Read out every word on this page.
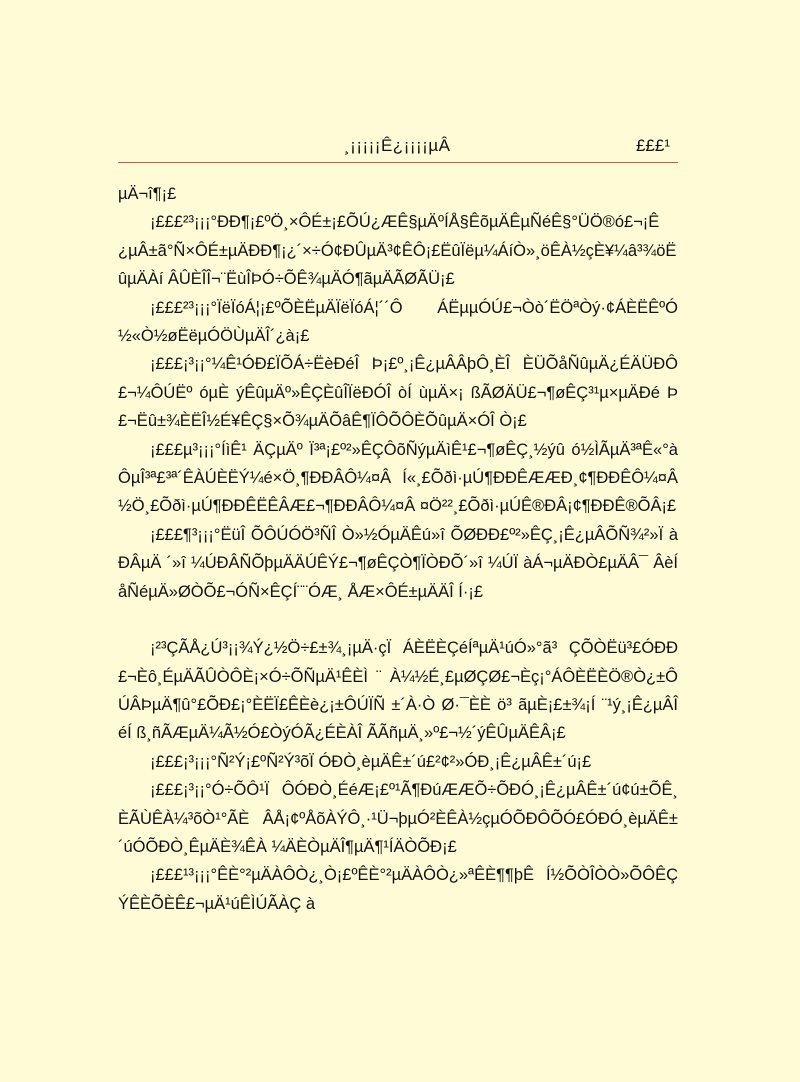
¸¡¡¡¡¡Ê¿¡¡¡¡µÂ	£££¹

µÄ¬î¶¡£

¡£££²³¡¡¡°ÐÐ¶¡£ºÖ¸×ÔÉ±¡£ÕÚ¿ÆÊ§µÄºÍÅ§ÊõµÄÊµÑéÊ§°ÜÖ®ó£¬¡Ê¿µÂ±ã°Ñ×ÔÉ±µÄÐÐ¶¡¿´×÷Ó¢ÐÛµÄ³¢ÊÔ¡£ËûÏëµ¼ÁíÒ»¸öÊÀ½çÈ¥¼â³¾öËûµÄÀí ÂÛÈÎÎ¬¨ËùÎÞÓ÷ÕÊ¾µÄÓ¶ãµÄÃØÃÜ¡£

¡£££²³¡¡¡°ÏëÏóÁ¦¡£ºÕÈËµÄÏëÏóÁ¦´´Ô ÁËµµÓÚ£¬Òò´ËÖªÒý·¢ÁÈËÊºÓ½«Ò½øËëµÓÖÙµÄÎ´¿à¡£

¡£££¡³¡¡°¼Ê¹ÓÐ£ÏÕÁ÷ËèÐéÎ Þ¡£º¸¡Ê¿µÂÂþÔ¸ÈÎ ÈÜÕåÑûµÄ¿ÉÄÜÐÔ£¬¼ÔÚËº óµÈ ýÊûµÄº»ÊÇÈûÎÏëÐÓÎ òÍ ùµÄ×¡ ßÃØÄÜ£¬¶øÊÇ³¹µ×µÄÐé Þ£¬Ëû±¾ÈËÎ½É¥ÊÇ§×Õ¾µÄÕâÊ¶ÏÔÕÔÈÕûµÄ×ÓÎ Ò¡£

¡£££µ³¡¡¡°ÍìÊ¹ ÄÇµÄº Ï³ª¡£º²»ÊÇÔõÑýµÄìÊ¹£¬¶øÊÇ¸½ýû ó½ÌÃµÄ³ªÊ«°àÔµÎ³ª£³ª´ÊÀÚÈËÝ¼é×Ö¸¶ÐÐÂÔ¼¤Â Í«¸£Õðì·µÚ¶ÐÐÊÆÆÐ¸¢¶ÐÐÊÔ¼¤Â ½Ö¸£Õðì·µÚ¶ÐÐÊËÊÂÆ£¬¶ÐÐÂÔ¼¤Â ¤Ö²²¸£Õðì·µÚÊ®ÐÂ¡¢¶ÐÐÊ®ÕÂ¡£

¡£££¶³¡¡¡°ËüÎ ÕÔÚÓÖ³ÑÎ Ò»½ÓµÄÊú»î ÕØÐÐ£º²»ÊÇ¸¡Ê¿µÂÕÑ¾²»Ï àÐÂµÄ ´»î ¼ÚÐÂÑÕþµÄÄÚÊÝ£¬¶øÊÇÒ¶ÏÒÐÕ´»î ¼ÚÏ àÁ¬µÄÐÒ£µÄÂ¯ ÂèÍ åÑéµÄ»ØÒÕ£¬ÓÑ×ÊÇÍ¨¨ÓÆ¸ ÅÆ×ÔÉ±µÄÄÎ Í·¡£

¡²³ÇÃÅ¿Ú³¡¡¾Ý¿½Ö÷£±¾¸¡µÄ·çÏ ÁÈËÈÇéÍªµÄ¹úÓ»°ã³ ÇÕÒËü³£ÓÐÐ£¬Èô¸ÉµÄÃÛÒÔÈ¡×Ó÷ÕÑµÄ¹ÊÈÌ ¨ À¼½É¸£µØÇØ£¬Èç¡°ÁÔÈËÈÖ®Ò¿±ÔÚÂÞµÄ¶û°£ÕÐ£¡°ÈËÏ£ÊÈè¿¡±ÔÚÏÑ ±´À·Ò Ø·¯ÈÈ ö³ ãµÈ¡£±¾¡Í ¨¹ý¸¡Ê¿µÂÎ éÍ ß¸ñÃÆµÄ¼Ã½Ó£ÒýÓÃ¿ÉÈÀÎ ÃÃñµÄ¸»º£¬½´ýÊÛµÄÊÂ¡£

¡£££¡³¡¡¡°Ñ²Ý¡£ºÑ²Ý³õÏ ÓÐÒ¸èµÄÊ±´ú£²¢²»ÓÐ¸¡Ê¿µÂÊ±´ú¡£

¡£££¡³¡¡°Ó÷ÕÔ¹Ï ÔÓÐÒ¸ÉéÆ¡£º¹Ã¶ÐúÆÆÕ÷ÕÐÓ¸¡Ê¿µÂÊ±´ú¢ú±ÕÊ¸ÈÃÙÊÀ¼³õÒ¹°ÃÈ ÂÅ¡¢ºÅõÀÝÔ¸·¹Ü¬þµÓ²ÈÊÀ½çµÓÕÐÔÕÓ£ÓÐÓ¸èµÄÊ±´úÓÕÐÒ¸ÊµÄÈ¾ÊÀ ¼ÄÈÒµÄÎ¶µÄ¶¹ÍÄÒÕÐ¡£

¡£££¹³¡¡¡°ÊÈ°²µÄÀÔÒ¿¸Ò¡£ºÊÈ°²µÄÀÔÒ¿»ªÊÈ¶¶þÊ Í½ÕÒÎÒÒ»ÕÔÊÇÝÊÈÕÈÊ£¬µÄ¹úÊÌÚÃÀÇ à
